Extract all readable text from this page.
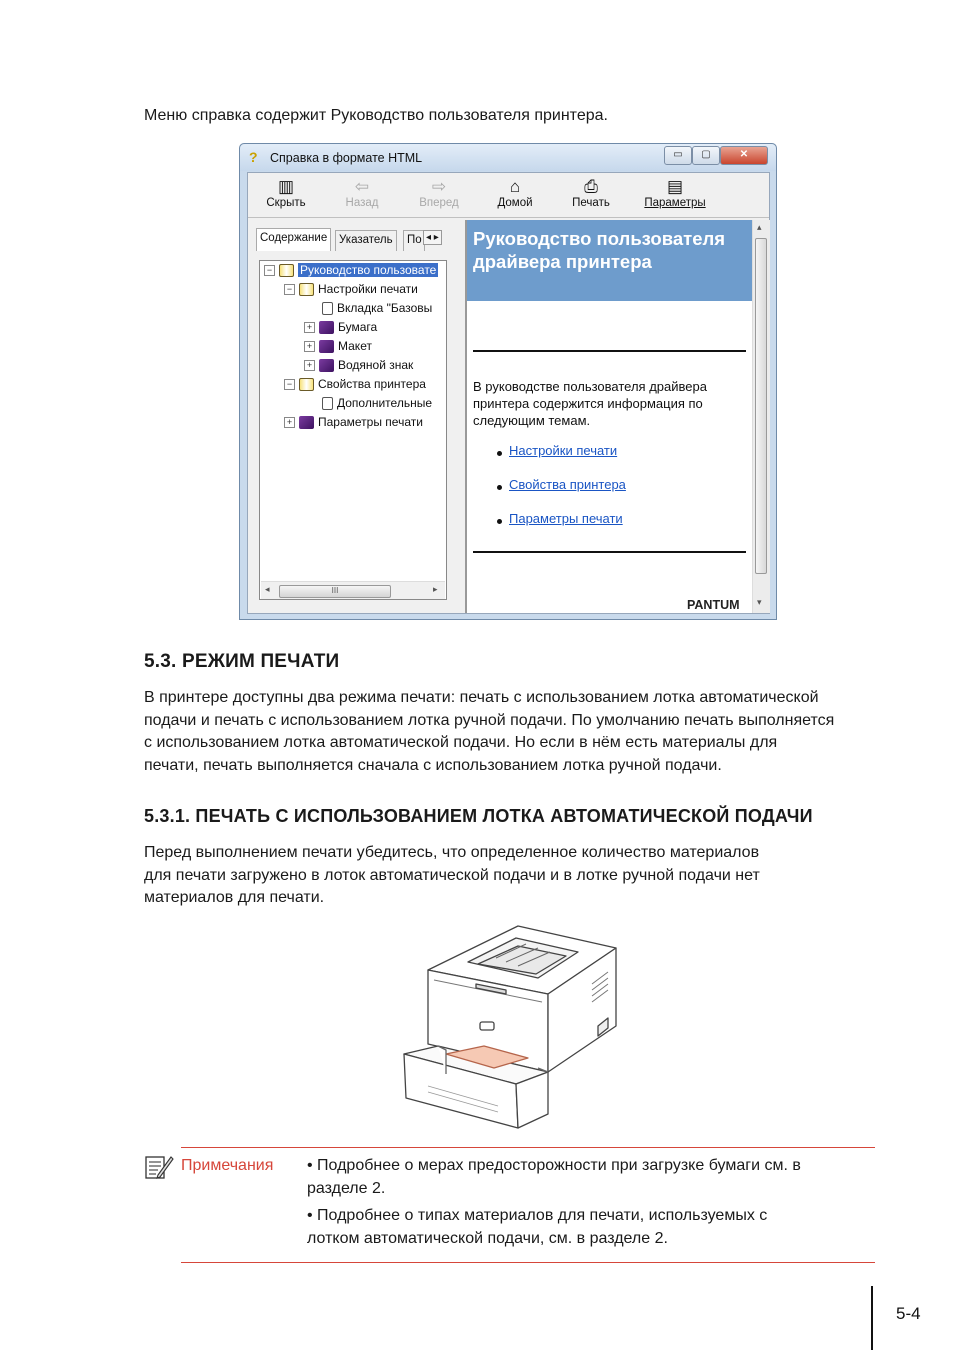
Меню справка содержит Руководство пользователя принтера.
? Справка в формате HTML	▭	▢	✕
▥
Скрыть
⇦
Назад
⇨
Вперед
⌂
Домой
⎙
Печать
▤
Параметры
Содержание	Указатель	По ◂ ▸
− Руководство пользовате
− Настройки печати
Вкладка "Базовы
+ Бумага
+ Макет
+ Водяной знак
− Свойства принтера
Дополнительные
+ Параметры печати
◂	III	▸
Руководство пользователя драйвера принтера
В руководстве пользователя драйвера принтера содержится информация по следующим темам.
Настройки печати
Свойства принтера
Параметры печати
PANTUM
▴
▾
5.3. РЕЖИМ ПЕЧАТИ
В принтере доступны два режима печати: печать с использованием лотка автоматической
подачи и печать с использованием лотка ручной подачи. По умолчанию печать выполняется
с использованием лотка автоматической подачи. Но если в нём есть материалы для
печати, печать выполняется сначала с использованием лотка ручной подачи.
5.3.1. ПЕЧАТЬ С ИСПОЛЬЗОВАНИЕМ ЛОТКА АВТОМАТИЧЕСКОЙ ПОДАЧИ
Перед выполнением печати убедитесь, что определенное количество материалов
для печати загружено в лоток автоматической подачи и в лотке ручной подачи нет
материалов для печати.
Примечания • Подробнее о мерах предосторожности при загрузке бумаги см. в
разделе 2.
• Подробнее о типах материалов для печати, используемых с
лотком автоматической подачи, см. в разделе 2.
5-4
